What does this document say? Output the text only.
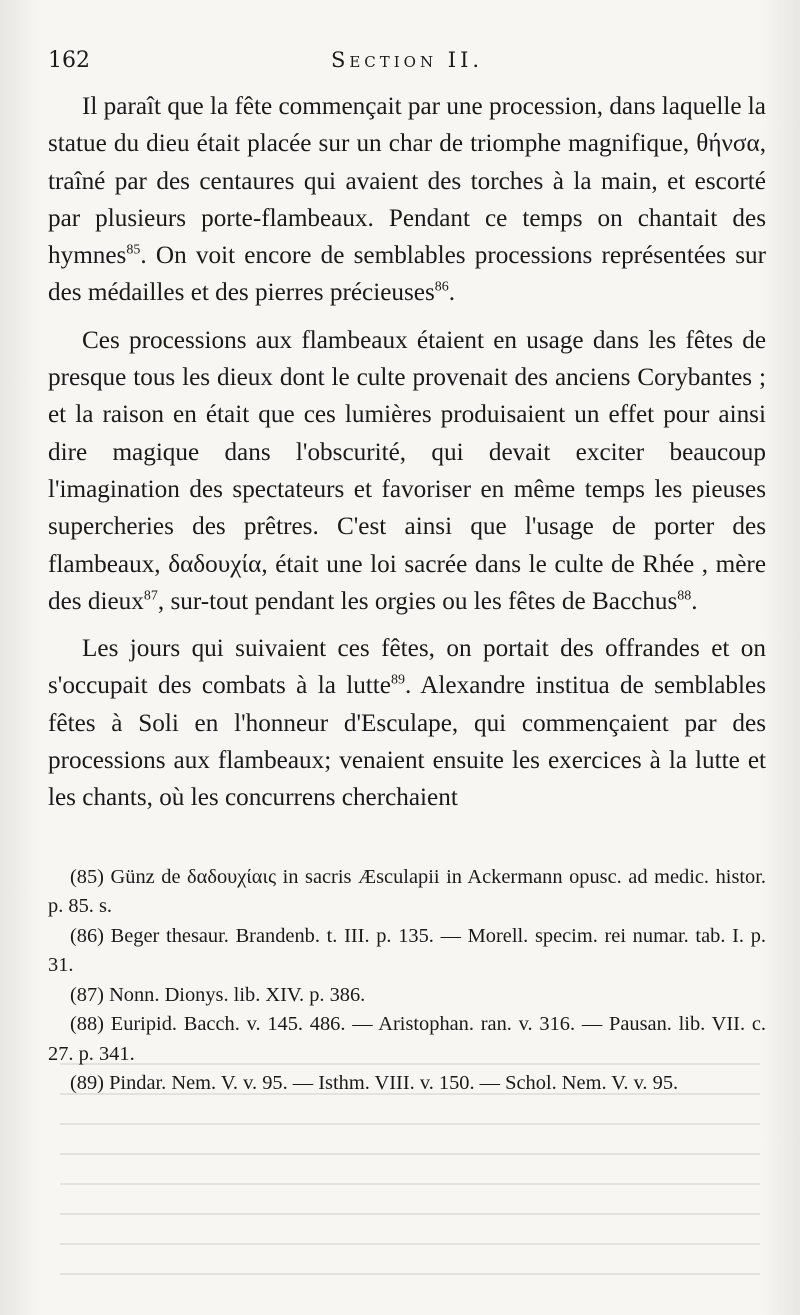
162	Section II.

Il paraît que la fête commençait par une procession, dans laquelle la statue du dieu était placée sur un char de triomphe magnifique, θήνσα, traîné par des centaures qui avaient des torches à la main, et escorté par plusieurs porte-flambeaux. Pendant ce temps on chantait des hymnes$^{85}$. On voit encore de semblables processions représentées sur des médailles et des pierres précieuses$^{86}$.

Ces processions aux flambeaux étaient en usage dans les fêtes de presque tous les dieux dont le culte provenait des anciens Corybantes ; et la raison en était que ces lumières produisaient un effet pour ainsi dire magique dans l'obscurité, qui devait exciter beaucoup l'imagination des spectateurs et favoriser en même temps les pieuses supercheries des prêtres. C'est ainsi que l'usage de porter des flambeaux, δαδουχία, était une loi sacrée dans le culte de Rhée , mère des dieux$^{87}$, sur-tout pendant les orgies ou les fêtes de Bacchus$^{88}$.

Les jours qui suivaient ces fêtes, on portait des offrandes et on s'occupait des combats à la lutte$^{89}$. Alexandre institua de semblables fêtes à Soli en l'honneur d'Esculape, qui commençaient par des processions aux flambeaux; venaient ensuite les exercices à la lutte et les chants, où les concurrens cherchaient

(85) Günz de δαδουχίαις in sacris Æsculapii in Ackermann opusc. ad medic. histor. p. 85. s.

(86) Beger thesaur. Brandenb. t. III. p. 135. — Morell. specim. rei numar. tab. I. p. 31.

(87) Nonn. Dionys. lib. XIV. p. 386.

(88) Euripid. Bacch. v. 145. 486. — Aristophan. ran. v. 316. — Pausan. lib. VII. c. 27. p. 341.

(89) Pindar. Nem. V. v. 95. — Isthm. VIII. v. 150. — Schol. Nem. V. v. 95.
